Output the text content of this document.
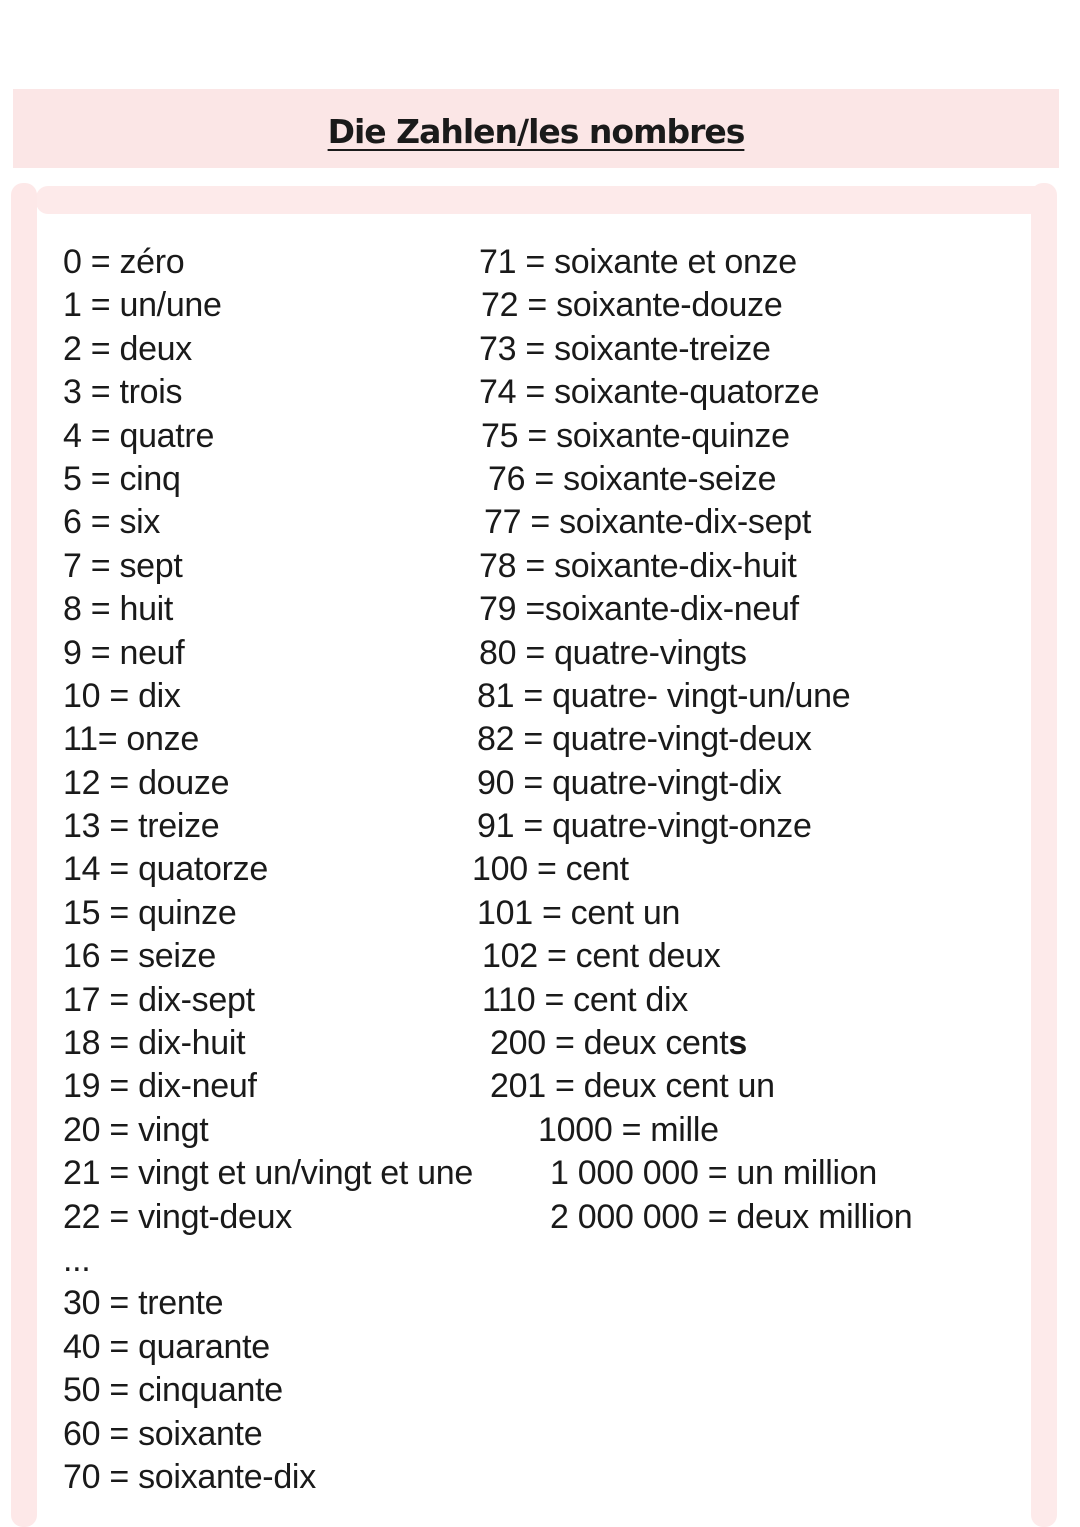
Die Zahlen/les nombres
0 = zéro
1 = un/une
2 = deux
3 = trois
4 = quatre
5 = cinq
6 = six
7 = sept
8 = huit
9 = neuf
10 = dix
11= onze
12 = douze
13 = treize
14 = quatorze
15 = quinze
16 = seize
17 = dix-sept
18 = dix-huit
19 = dix-neuf
20 = vingt
21 = vingt et un/vingt et une
22 = vingt-deux
...
30 = trente
40 = quarante
50 = cinquante
60 = soixante
70 = soixante-dix
71 = soixante et onze
72 = soixante-douze
73 = soixante-treize
74 = soixante-quatorze
75 = soixante-quinze
76 = soixante-seize
77 = soixante-dix-sept
78 = soixante-dix-huit
79 =soixante-dix-neuf
80 = quatre-vingts
81 = quatre- vingt-un/une
82 = quatre-vingt-deux
90 = quatre-vingt-dix
91 = quatre-vingt-onze
100 = cent
101 = cent un
102 = cent deux
110 = cent dix
200 = deux cents
201 = deux cent un
1000 = mille
1 000 000 = un million
2 000 000 = deux million
